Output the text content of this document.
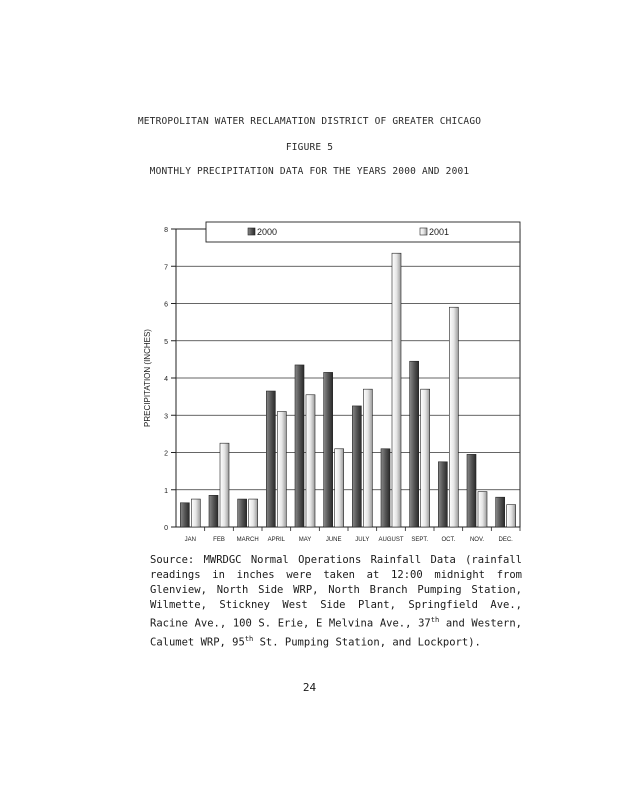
METROPOLITAN WATER RECLAMATION DISTRICT OF GREATER CHICAGO
FIGURE 5
MONTHLY PRECIPITATION DATA FOR THE YEARS 2000 AND 2001
0
1
2
3
4
5
6
7
8
PRECIPITATION (INCHES)
JAN	FEB MARCH APRIL MAY JUNE JULY AUGUST SEPT. OCT. NOV. DEC.
2000	2001
Source: MWRDGC Normal Operations Rainfall Data (rainfall readings in inches were taken at 12:00 midnight from Glenview, North Side WRP, North Branch Pumping Station, Wilmette, Stickney West Side Plant, Springfield Ave., Racine Ave., 100 S. Erie, E Melvina Ave., 37th and Western, Calumet WRP, 95th St. Pumping Station, and Lockport).
24
